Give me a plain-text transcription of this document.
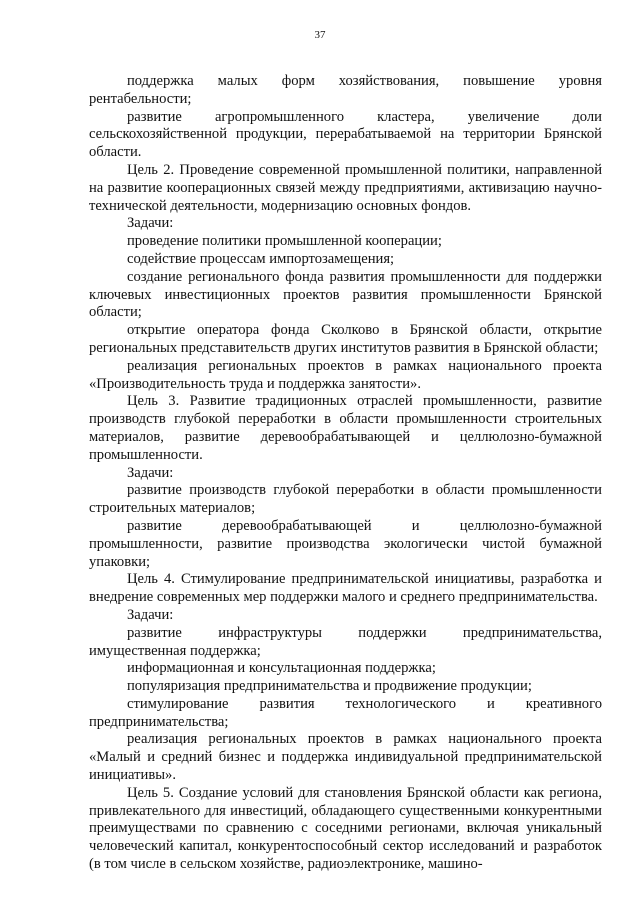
37

поддержка малых форм хозяйствования, повышение уровня рентабельности;

развитие агропромышленного кластера, увеличение доли сельскохозяйственной продукции, перерабатываемой на территории Брянской области.

Цель 2. Проведение современной промышленной политики, направленной на развитие кооперационных связей между предприятиями, активизацию научно-технической деятельности, модернизацию основных фондов.

Задачи:

проведение политики промышленной кооперации;

содействие процессам импортозамещения;

создание регионального фонда развития промышленности для поддержки ключевых инвестиционных проектов развития промышленности Брянской области;

открытие оператора фонда Сколково в Брянской области, открытие региональных представительств других институтов развития в Брянской области;

реализация региональных проектов в рамках национального проекта «Производительность труда и поддержка занятости».

Цель 3. Развитие традиционных отраслей промышленности, развитие производств глубокой переработки в области промышленности строительных материалов, развитие деревообрабатывающей и целлюлозно-бумажной промышленности.

Задачи:

развитие производств глубокой переработки в области промышленности строительных материалов;

развитие деревообрабатывающей и целлюлозно-бумажной промышленности, развитие производства экологически чистой бумажной упаковки;

Цель 4. Стимулирование предпринимательской инициативы, разработка и внедрение современных мер поддержки малого и среднего предпринимательства.

Задачи:

развитие инфраструктуры поддержки предпринимательства, имущественная поддержка;

информационная и консультационная поддержка;

популяризация предпринимательства и продвижение продукции;

стимулирование развития технологического и креативного предпринимательства;

реализация региональных проектов в рамках национального проекта «Малый и средний бизнес и поддержка индивидуальной предпринимательской инициативы».

Цель 5. Создание условий для становления Брянской области как региона, привлекательного для инвестиций, обладающего существенными конкурентными преимуществами по сравнению с соседними регионами, включая уникальный человеческий капитал, конкурентоспособный сектор исследований и разработок (в том числе в сельском хозяйстве, радиоэлектронике, машино-
